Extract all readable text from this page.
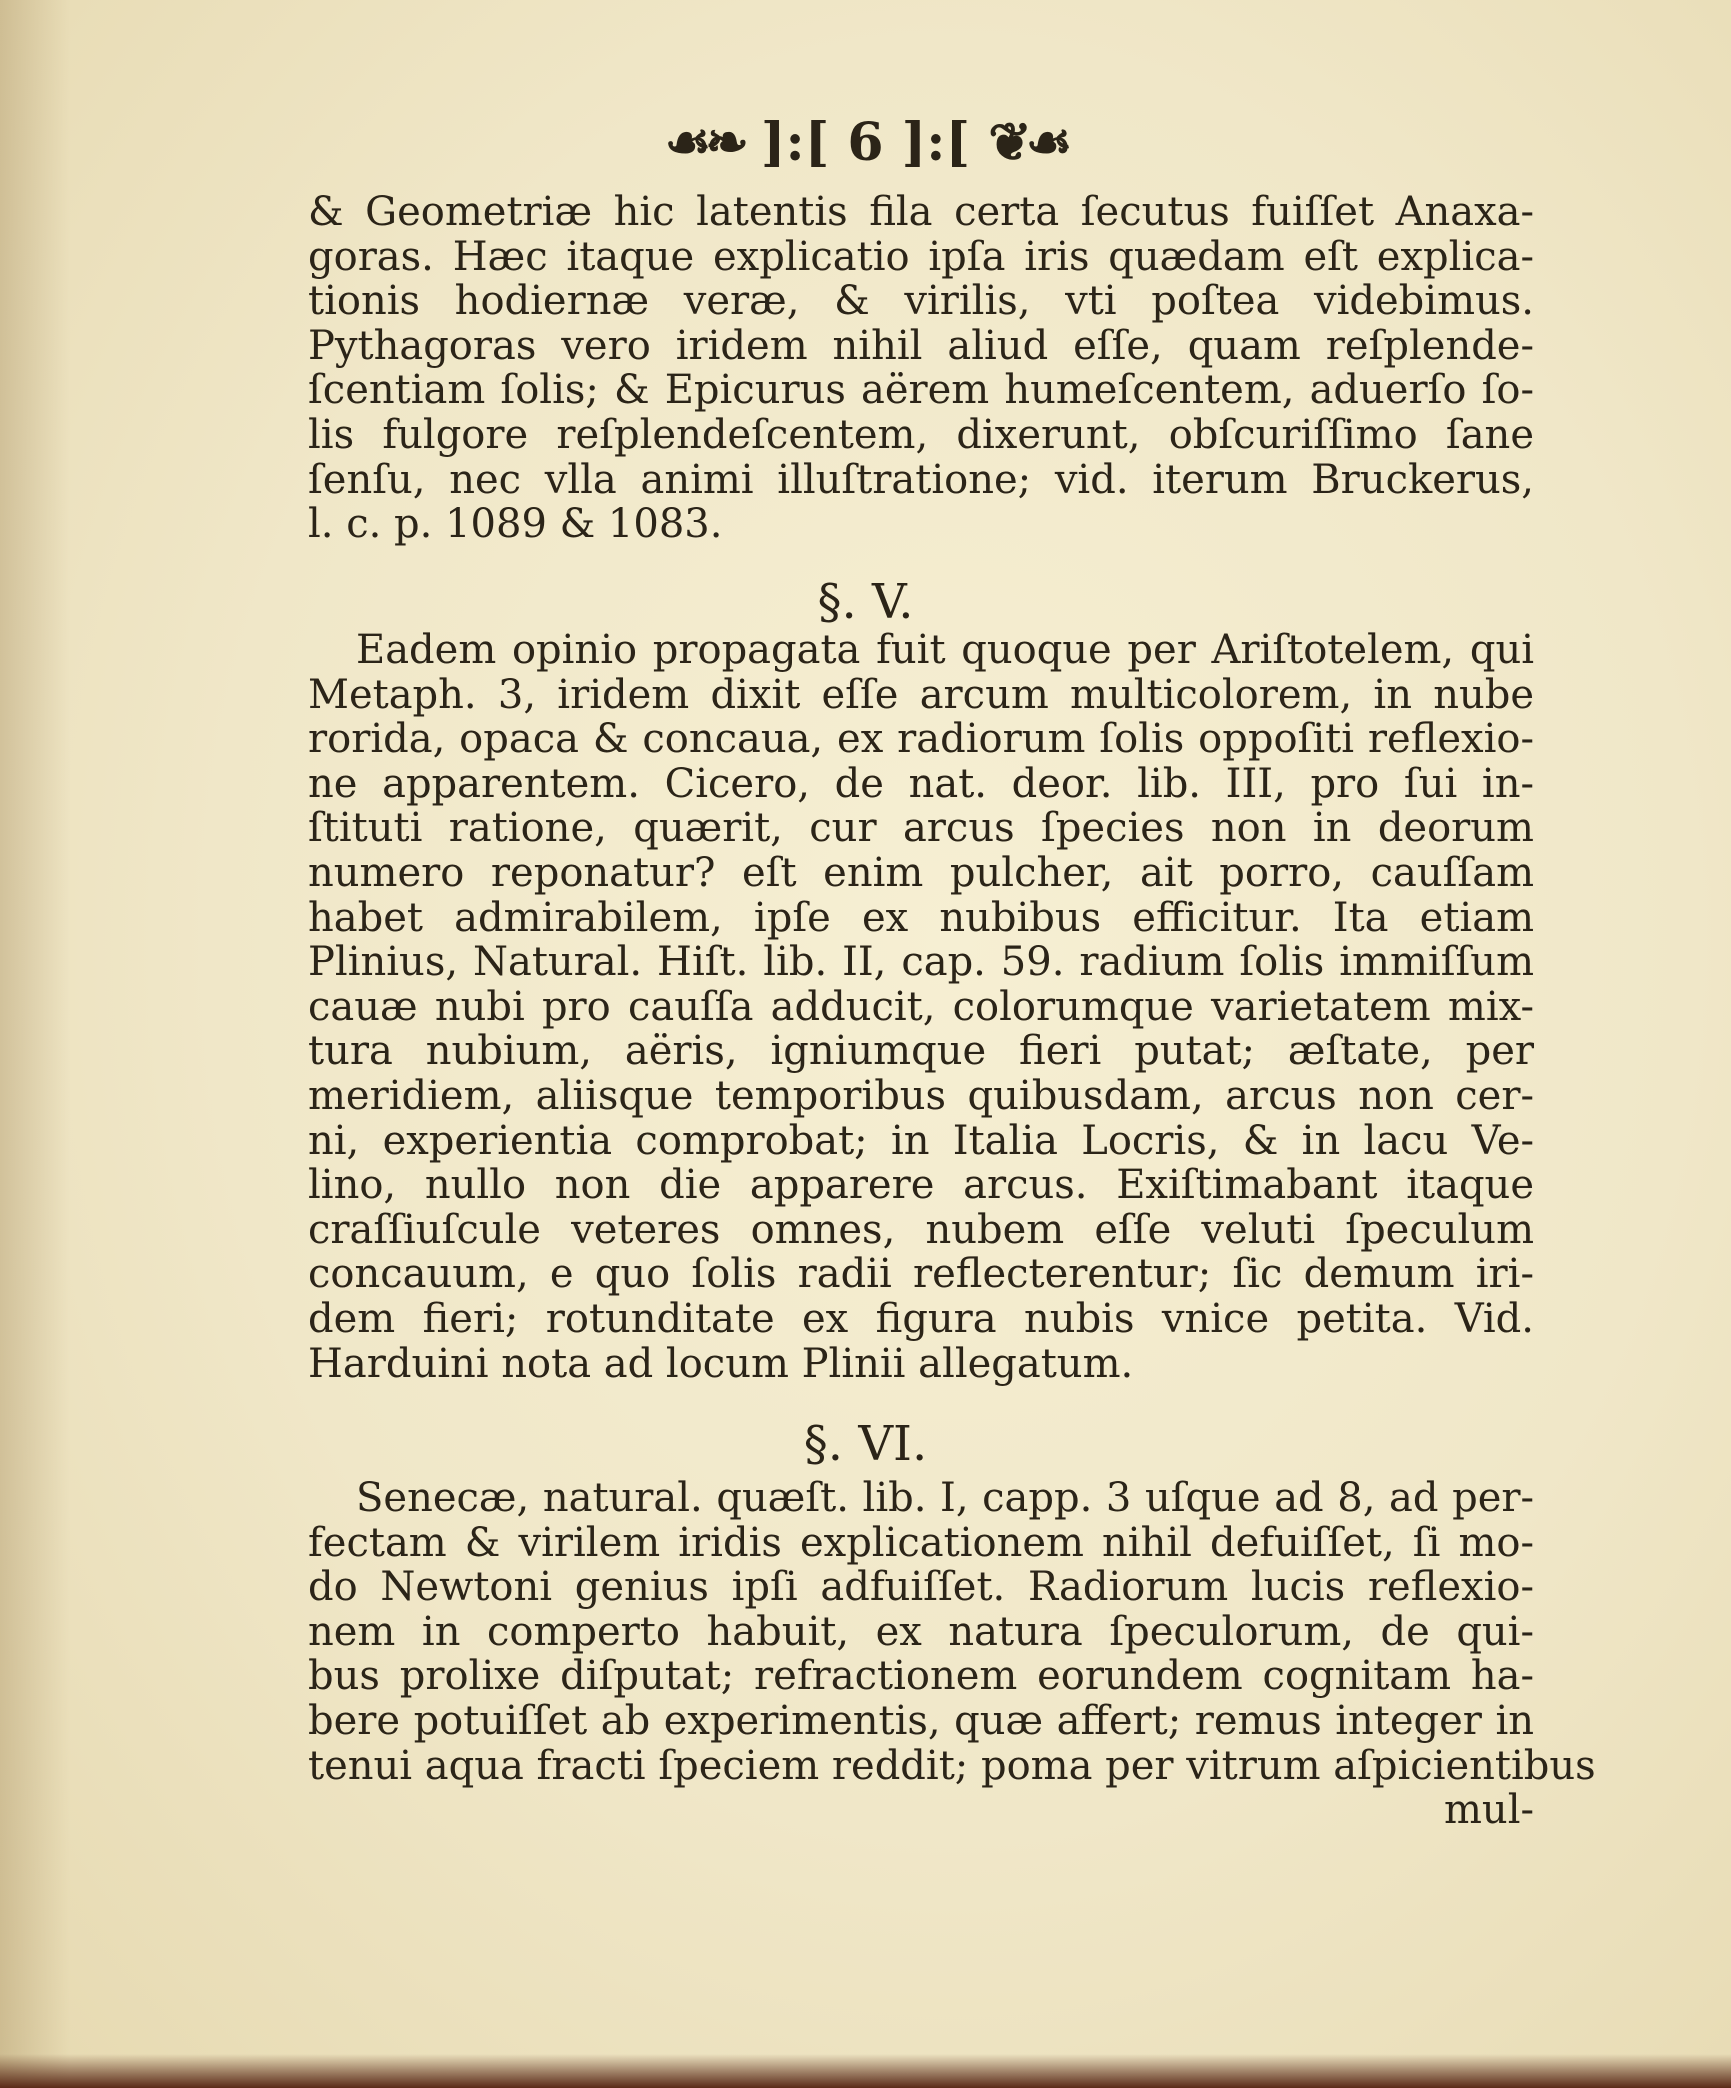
☙❧ ]:[ 6 ]:[ ❦☙
& Geometriæ hic latentis fila certa ſecutus fuiſſet Anaxa-
goras. Hæc itaque explicatio ipſa iris quædam eſt explica-
tionis hodiernæ veræ, & virilis, vti poſtea videbimus.
Pythagoras vero iridem nihil aliud eſſe, quam reſplende-
ſcentiam ſolis; & Epicurus aërem humeſcentem, aduerſo ſo-
lis fulgore reſplendeſcentem, dixerunt, obſcuriſſimo ſane
ſenſu, nec vlla animi illuſtratione; vid. iterum Bruckerus,
l. c. p. 1089 & 1083.
§. V.
Eadem opinio propagata fuit quoque per Ariſtotelem, qui
Metaph. 3, iridem dixit eſſe arcum multicolorem, in nube
rorida, opaca & concaua, ex radiorum ſolis oppoſiti reflexio-
ne apparentem. Cicero, de nat. deor. lib. III, pro ſui in-
ſtituti ratione, quærit, cur arcus ſpecies non in deorum
numero reponatur? eſt enim pulcher, ait porro, cauſſam
habet admirabilem, ipſe ex nubibus efficitur. Ita etiam
Plinius, Natural. Hiſt. lib. II, cap. 59. radium ſolis immiſſum
cauæ nubi pro cauſſa adducit, colorumque varietatem mix-
tura nubium, aëris, igniumque fieri putat; æſtate, per
meridiem, aliisque temporibus quibusdam, arcus non cer-
ni, experientia comprobat; in Italia Locris, & in lacu Ve-
lino, nullo non die apparere arcus. Exiſtimabant itaque
craſſiuſcule veteres omnes, nubem eſſe veluti ſpeculum
concauum, e quo ſolis radii reflecterentur; ſic demum iri-
dem fieri; rotunditate ex figura nubis vnice petita. Vid.
Harduini nota ad locum Plinii allegatum.
§. VI.
Senecæ, natural. quæſt. lib. I, capp. 3 uſque ad 8, ad per-
fectam & virilem iridis explicationem nihil defuiſſet, ſi mo-
do Newtoni genius ipſi adfuiſſet. Radiorum lucis reflexio-
nem in comperto habuit, ex natura ſpeculorum, de qui-
bus prolixe diſputat; refractionem eorundem cognitam ha-
bere potuiſſet ab experimentis, quæ affert; remus integer in
tenui aqua fracti ſpeciem reddit; poma per vitrum aſpicientibus
mul-
